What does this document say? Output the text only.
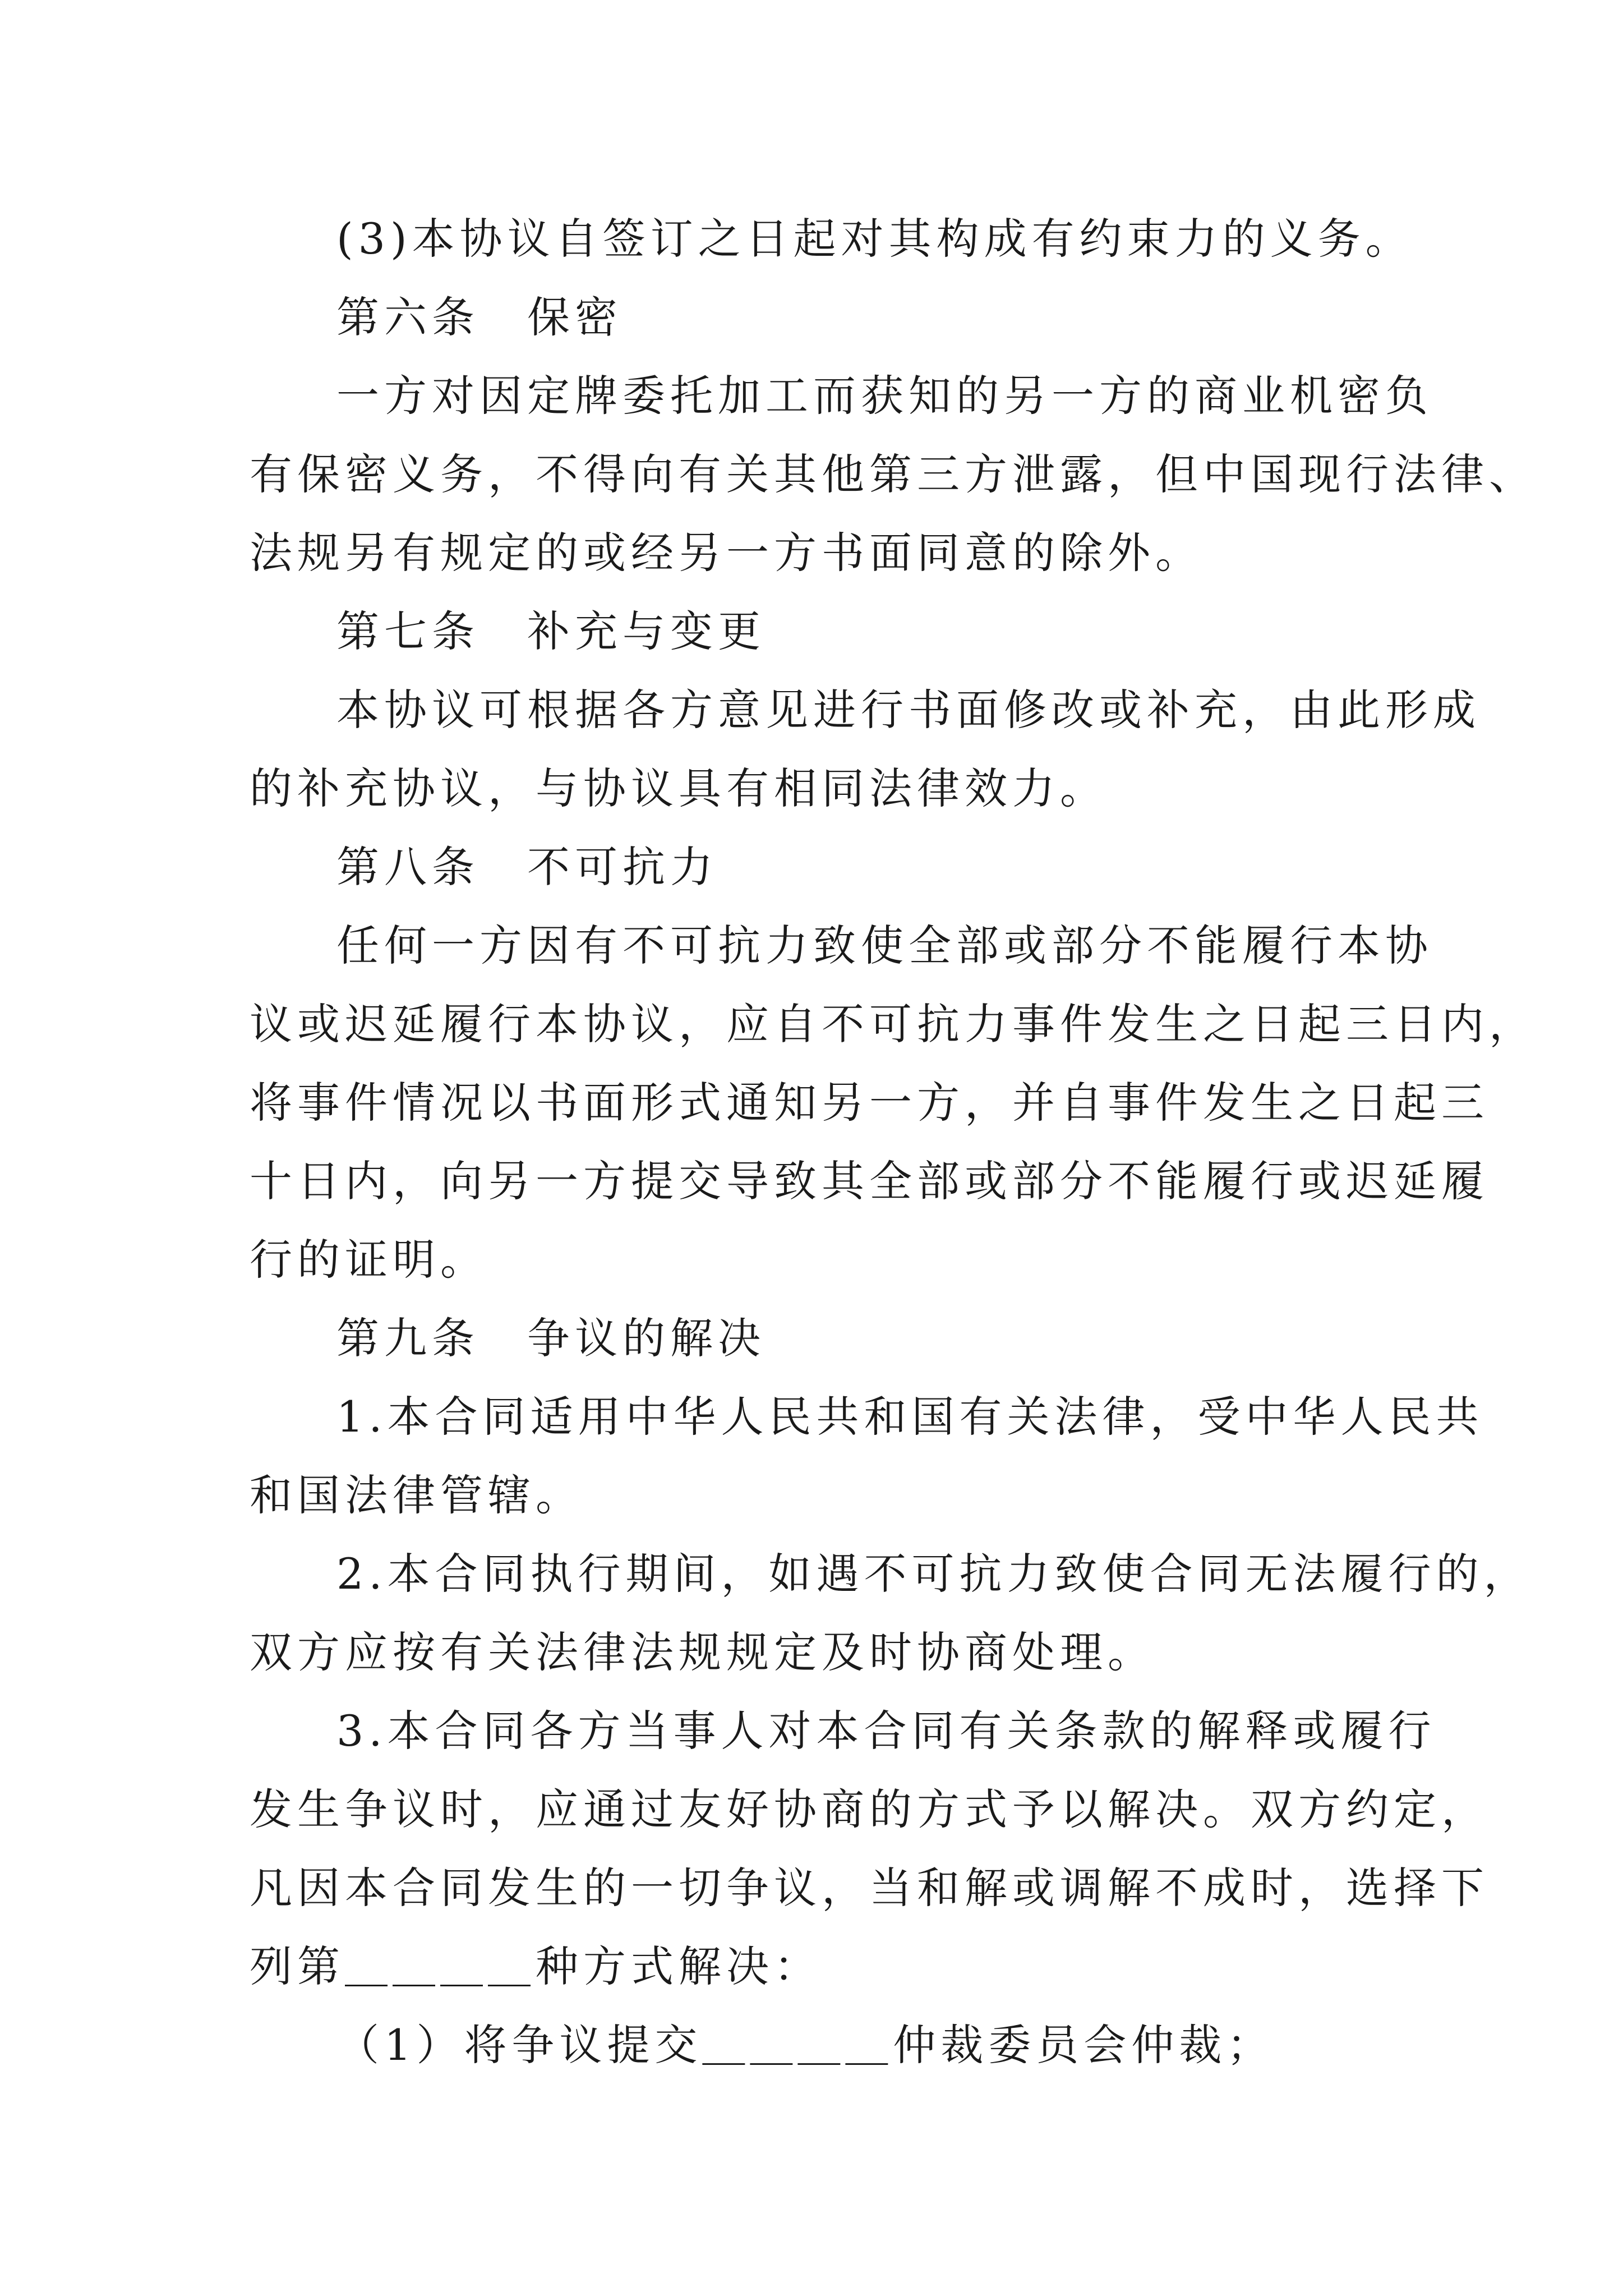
(3)本协议自签订之日起对其构成有约束力的义务。
第六条　保密
一方对因定牌委托加工而获知的另一方的商业机密负
有保密义务，不得向有关其他第三方泄露，但中国现行法律、
法规另有规定的或经另一方书面同意的除外。
第七条　补充与变更
本协议可根据各方意见进行书面修改或补充，由此形成
的补充协议，与协议具有相同法律效力。
第八条　不可抗力
任何一方因有不可抗力致使全部或部分不能履行本协
议或迟延履行本协议，应自不可抗力事件发生之日起三日内，
将事件情况以书面形式通知另一方，并自事件发生之日起三
十日内，向另一方提交导致其全部或部分不能履行或迟延履
行的证明。
第九条　争议的解决
1.本合同适用中华人民共和国有关法律，受中华人民共
和国法律管辖。
2.本合同执行期间，如遇不可抗力致使合同无法履行的，
双方应按有关法律法规规定及时协商处理。
3.本合同各方当事人对本合同有关条款的解释或履行
发生争议时，应通过友好协商的方式予以解决。双方约定，
凡因本合同发生的一切争议，当和解或调解不成时，选择下
列第＿＿＿＿种方式解决：
（1）将争议提交＿＿＿＿仲裁委员会仲裁；
